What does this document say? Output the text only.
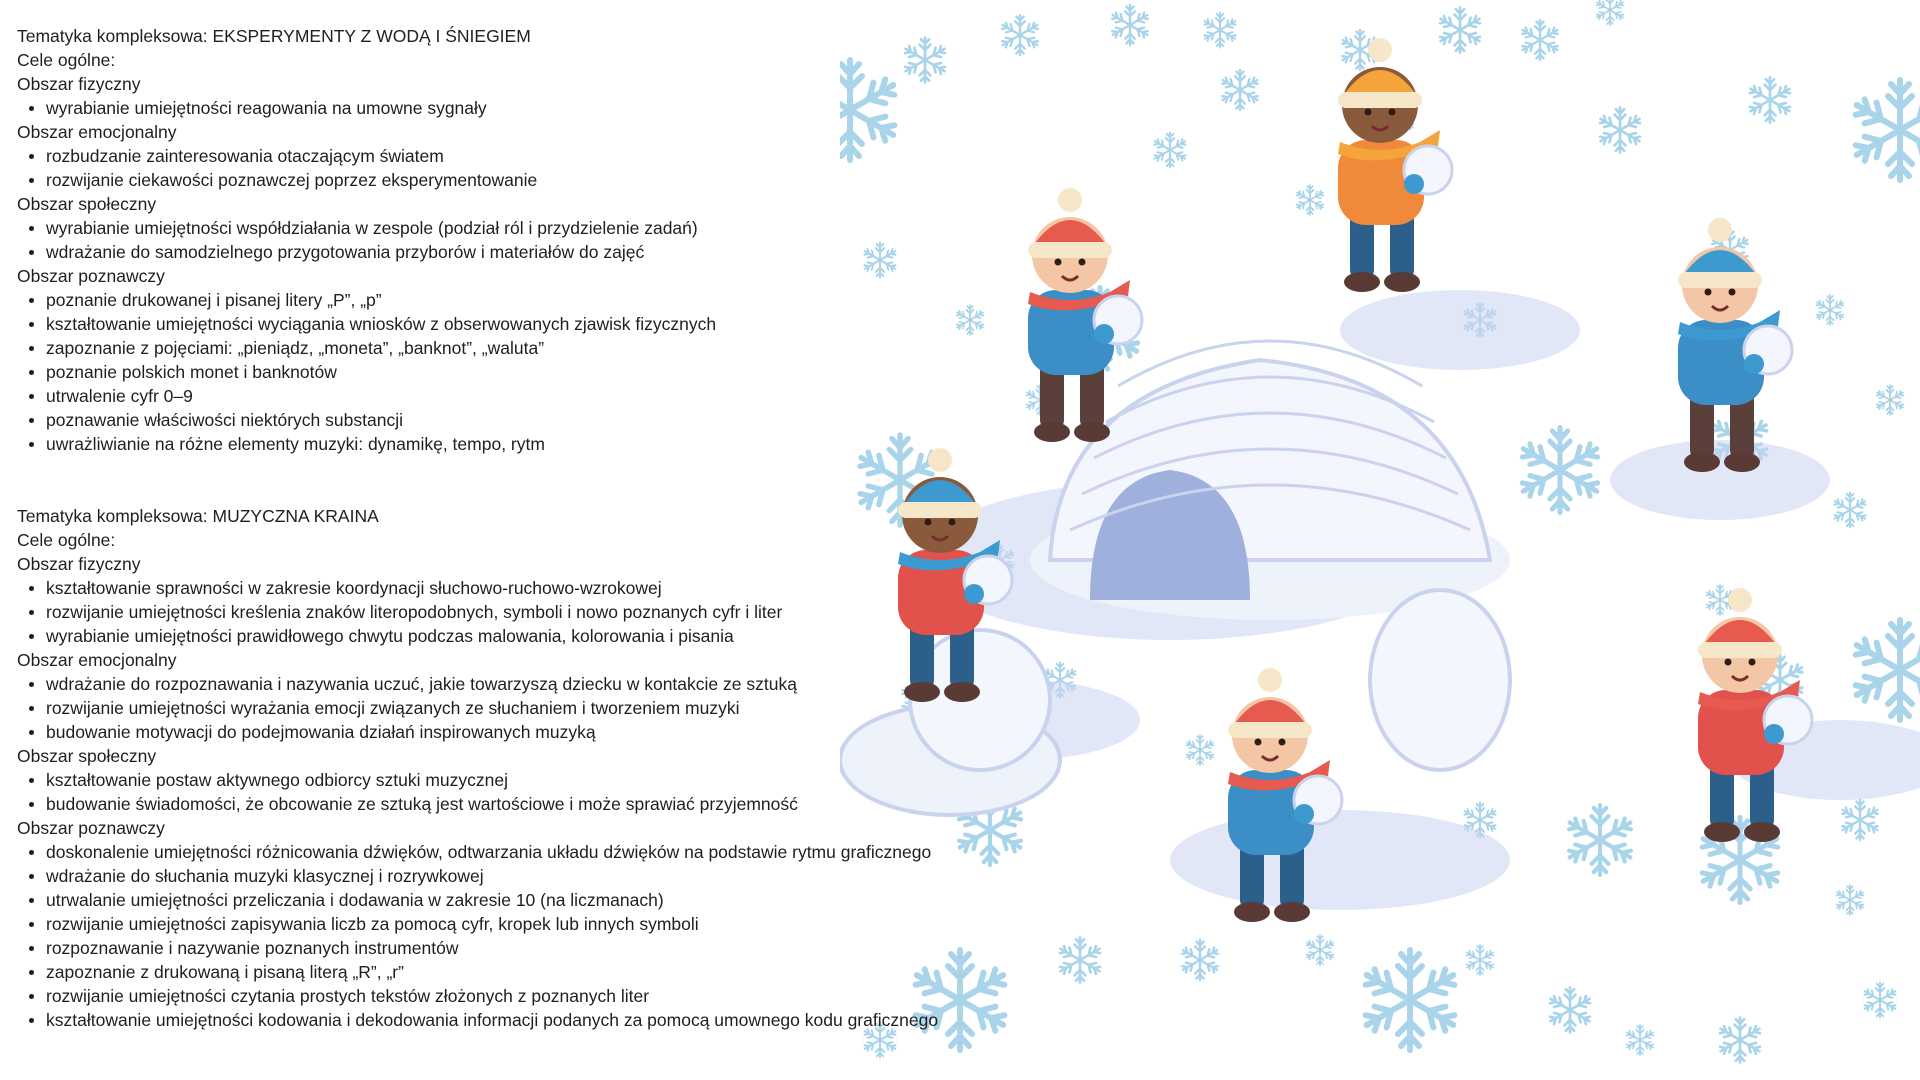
Tematyka kompleksowa: EKSPERYMENTY Z WODĄ I ŚNIEGIEM
Cele ogólne:
Obszar fizyczny
wyrabianie umiejętności reagowania na umowne sygnały
Obszar emocjonalny
rozbudzanie zainteresowania otaczającym światem
rozwijanie ciekawości poznawczej poprzez eksperymentowanie
Obszar społeczny
wyrabianie umiejętności współdziałania w zespole (podział ról i przydzielenie zadań)
wdrażanie do samodzielnego przygotowania przyborów i materiałów do zajęć
Obszar poznawczy
poznanie drukowanej i pisanej litery „P”, „p”
kształtowanie umiejętności wyciągania wniosków z obserwowanych zjawisk fizycznych
zapoznanie z pojęciami: „pieniądz, „moneta”, „banknot”, „waluta”
poznanie polskich monet i banknotów
utrwalenie cyfr 0–9
poznawanie właściwości niektórych substancji
uwrażliwianie na różne elementy muzyki: dynamikę, tempo, rytm
Tematyka kompleksowa: MUZYCZNA KRAINA
Cele ogólne:
Obszar fizyczny
kształtowanie sprawności w zakresie koordynacji słuchowo-ruchowo-wzrokowej
rozwijanie umiejętności kreślenia znaków literopodobnych, symboli i nowo poznanych cyfr i liter
wyrabianie umiejętności prawidłowego chwytu podczas malowania, kolorowania i pisania
Obszar emocjonalny
wdrażanie do rozpoznawania i nazywania uczuć, jakie towarzyszą dziecku w kontakcie ze sztuką
rozwijanie umiejętności wyrażania emocji związanych ze słuchaniem i tworzeniem muzyki
budowanie motywacji do podejmowania działań inspirowanych muzyką
Obszar społeczny
kształtowanie postaw aktywnego odbiorcy sztuki muzycznej
budowanie świadomości, że obcowanie ze sztuką jest wartościowe i może sprawiać przyjemność
Obszar poznawczy
doskonalenie umiejętności różnicowania dźwięków, odtwarzania układu dźwięków na podstawie rytmu graficznego
wdrażanie do słuchania muzyki klasycznej i rozrywkowej
utrwalanie umiejętności przeliczania i dodawania w zakresie 10 (na liczmanach)
rozwijanie umiejętności zapisywania liczb za pomocą cyfr, kropek lub innych symboli
rozpoznawanie i nazywanie poznanych instrumentów
zapoznanie z drukowaną i pisaną literą „R”, „r”
rozwijanie umiejętności czytania prostych tekstów złożonych z poznanych liter
kształtowanie umiejętności kodowania i dekodowania informacji podanych za pomocą umownego kodu graficznego
